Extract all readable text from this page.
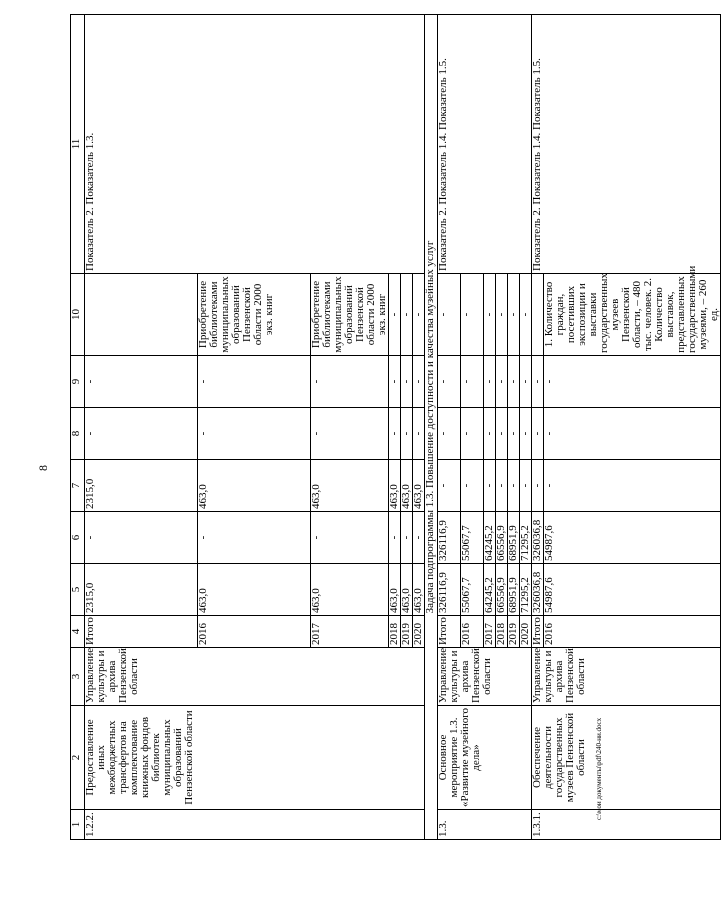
8
c:\мои документы\pdf\240-ни.docx
1	2	3	4	5	6	7	8	9	10	11
1.2.2.	Предоставление иных межбюджетных трансфертов на комплектование книжных фондов библиотек муниципальных образований Пензенской области	Управление культуры и архива Пензенской области	Итого	2315,0	-	2315,0	-	-		Показатель 2. Показатель 1.3.
			2016	463,0	-	463,0	-	-	Приобретение библиотеками муниципальных образований Пензенской области 2000 экз. книг	
			2017	463,0	-	463,0	-	-	Приобретение библиотеками муниципальных образований Пензенской области 2000 экз. книг	
			2018	463,0	-	463,0	-	-	-	
			2019	463,0	-	463,0	-	-	-	
			2020	463,0	-	463,0	-	-	-	
Задача подпрограммы 1.3. Повышение доступности и качества музейных услуг										
1.3.	Основное мероприятие 1.3. «Развитие музейного дела»	Управление культуры и архива Пензенской области	Итого	326116,9	326116,9	-	-	-	-	Показатель 2. Показатель 1.4. Показатель 1.5.
			2016	55067,7	55067,7	-	-	-	-	
			2017	64245,2	64245,2	-	-	-	-	
			2018	66556,9	66556,9	-	-	-	-	
			2019	68951,9	68951,9	-	-	-	-	
			2020	71295,2	71295,2	-	-	-	-	
1.3.1.	Обеспечение деятельности государственных музеев Пензенской области	Управление культуры и архива Пензенской области	Итого	326036,8	326036,8	-	-	-		Показатель 2. Показатель 1.4. Показатель 1.5.
			2016	54987,6	54987,6	-	-	-	1. Количество граждан, посетивших экспозиции и выставки государственных музеев Пензенской области, – 480 тыс. человек. 2. Количество выставок, представленных государственными музеями, – 260 ед.	
